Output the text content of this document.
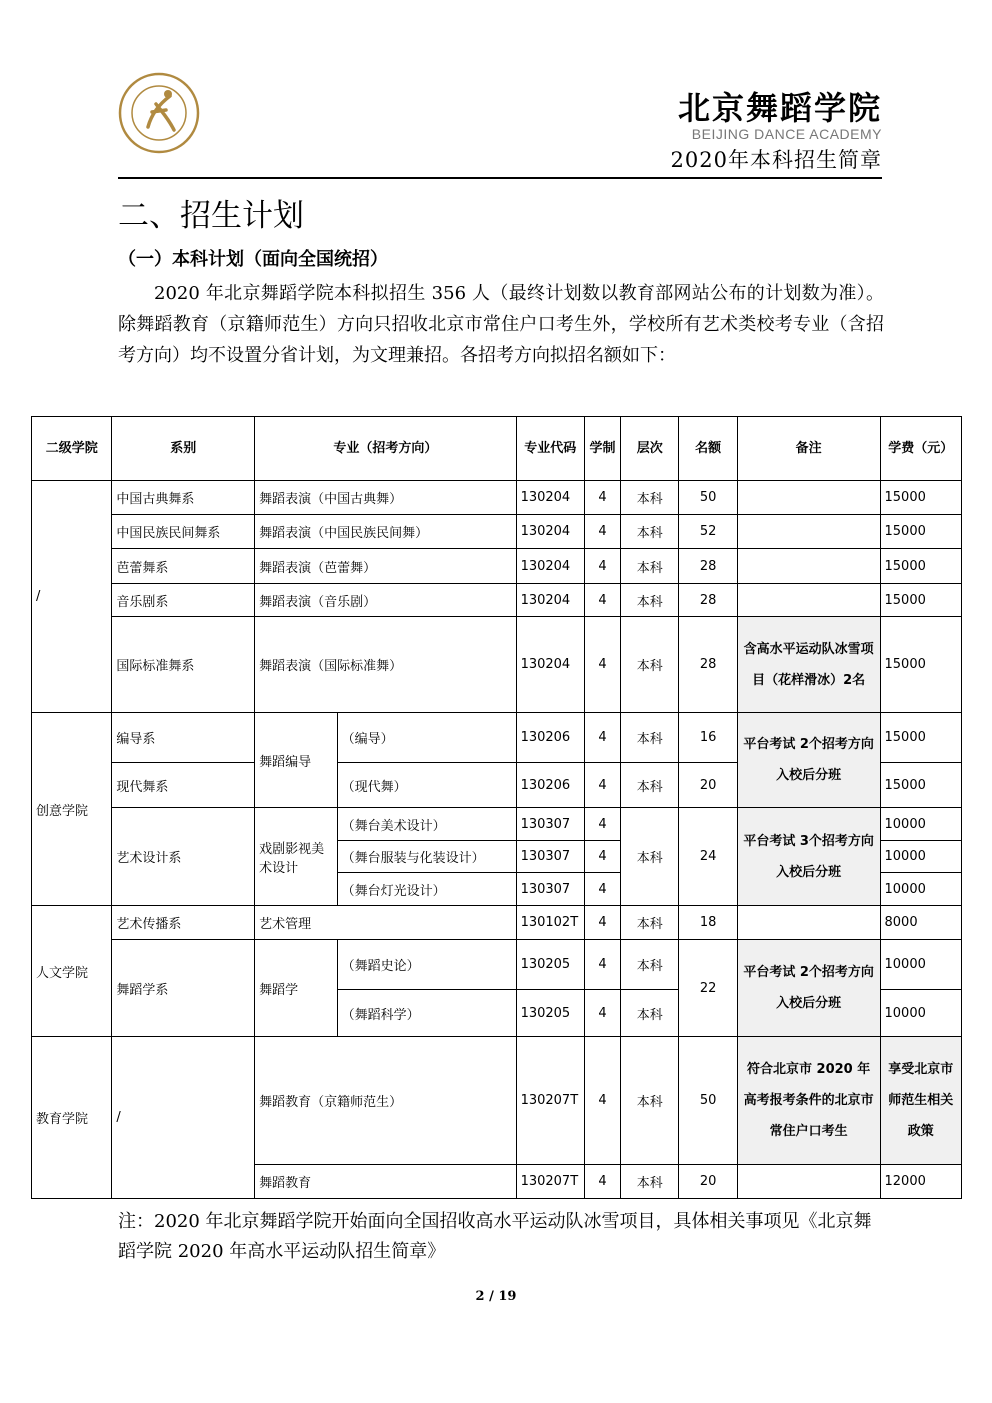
北京舞蹈学院
BEIJING DANCE ACADEMY
2020年本科招生简章
二、招生计划
（一）本科计划（面向全国统招）
2020 年北京舞蹈学院本科拟招生 356 人（最终计划数以教育部网站公布的计划数为准）。除舞蹈教育（京籍师范生）方向只招收北京市常住户口考生外，学校所有艺术类校考专业（含招考方向）均不设置分省计划，为文理兼招。各招考方向拟招名额如下：
二级学院	系别	专业（招考方向）		专业代码	学制	层次	名额	备注	学费（元）
/	中国古典舞系	舞蹈表演（中国古典舞）		130204	4	本科	50		15000
	中国民族民间舞系	舞蹈表演（中国民族民间舞）		130204	4	本科	52		15000
	芭蕾舞系	舞蹈表演（芭蕾舞）		130204	4	本科	28		15000
	音乐剧系	舞蹈表演（音乐剧）		130204	4	本科	28		15000
	国际标准舞系	舞蹈表演（国际标准舞）		130204	4	本科	28	含高水平运动队冰雪项目（花样滑冰）2名	15000
创意学院	编导系	舞蹈编导	（编导）	130206	4	本科	16	平台考试 2个招考方向 入校后分班	15000
	现代舞系		（现代舞）	130206	4	本科	20		15000
	艺术设计系	戏剧影视美术设计	（舞台美术设计）	130307	4	本科	24	平台考试 3个招考方向 入校后分班	10000
			（舞台服装与化装设计）	130307	4				10000
			（舞台灯光设计）	130307	4				10000
人文学院	艺术传播系	艺术管理		130102T	4	本科	18		8000
	舞蹈学系	舞蹈学	（舞蹈史论）	130205	4	本科	22	平台考试 2个招考方向 入校后分班	10000
			（舞蹈科学）	130205	4	本科			10000
教育学院	/	舞蹈教育（京籍师范生）		130207T	4	本科	50	符合北京市 2020 年高考报考条件的北京市常住户口考生	享受北京市师范生相关政策
		舞蹈教育		130207T	4	本科	20		12000
注：2020 年北京舞蹈学院开始面向全国招收高水平运动队冰雪项目，具体相关事项见《北京舞蹈学院 2020 年高水平运动队招生简章》
2 / 19
